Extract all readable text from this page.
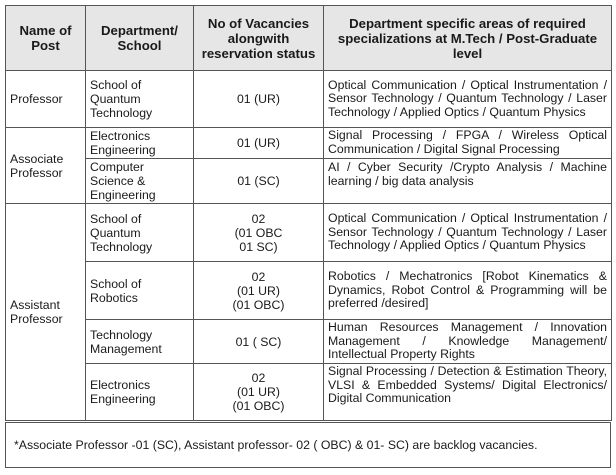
Name of Post	Department/ School	No of Vacancies alongwith reservation status	Department specific areas of required specializations at M.Tech / Post-Graduate level
Professor	School of Quantum Technology	01 (UR)	Optical Communication / Optical Instrumentation / Sensor Technology / Quantum Technology / Laser Technology / Applied Optics / Quantum Physics
Associate Professor	Electronics Engineering	01 (UR)	Signal Processing / FPGA / Wireless Optical Communication / Digital Signal Processing
	Computer Science & Engineering	01 (SC)	AI / Cyber Security /Crypto Analysis / Machine learning / big data analysis
Assistant Professor	School of Quantum Technology	02
(01 OBC
01 SC)	Optical Communication / Optical Instrumentation / Sensor Technology / Quantum Technology / Laser Technology / Applied Optics / Quantum Physics
	School of Robotics	02
(01 UR)
(01 OBC)	Robotics / Mechatronics [Robot Kinematics & Dynamics, Robot Control & Programming will be preferred /desired]
	Technology Management	01 ( SC)	Human Resources Management / Innovation Management / Knowledge Management/ Intellectual Property Rights
	Electronics Engineering	02
(01 UR)
(01 OBC)	Signal Processing / Detection & Estimation Theory, VLSI & Embedded Systems/ Digital Electronics/ Digital Communication
*Associate Professor -01 (SC), Assistant professor- 02 ( OBC) & 01- SC) are backlog vacancies.
